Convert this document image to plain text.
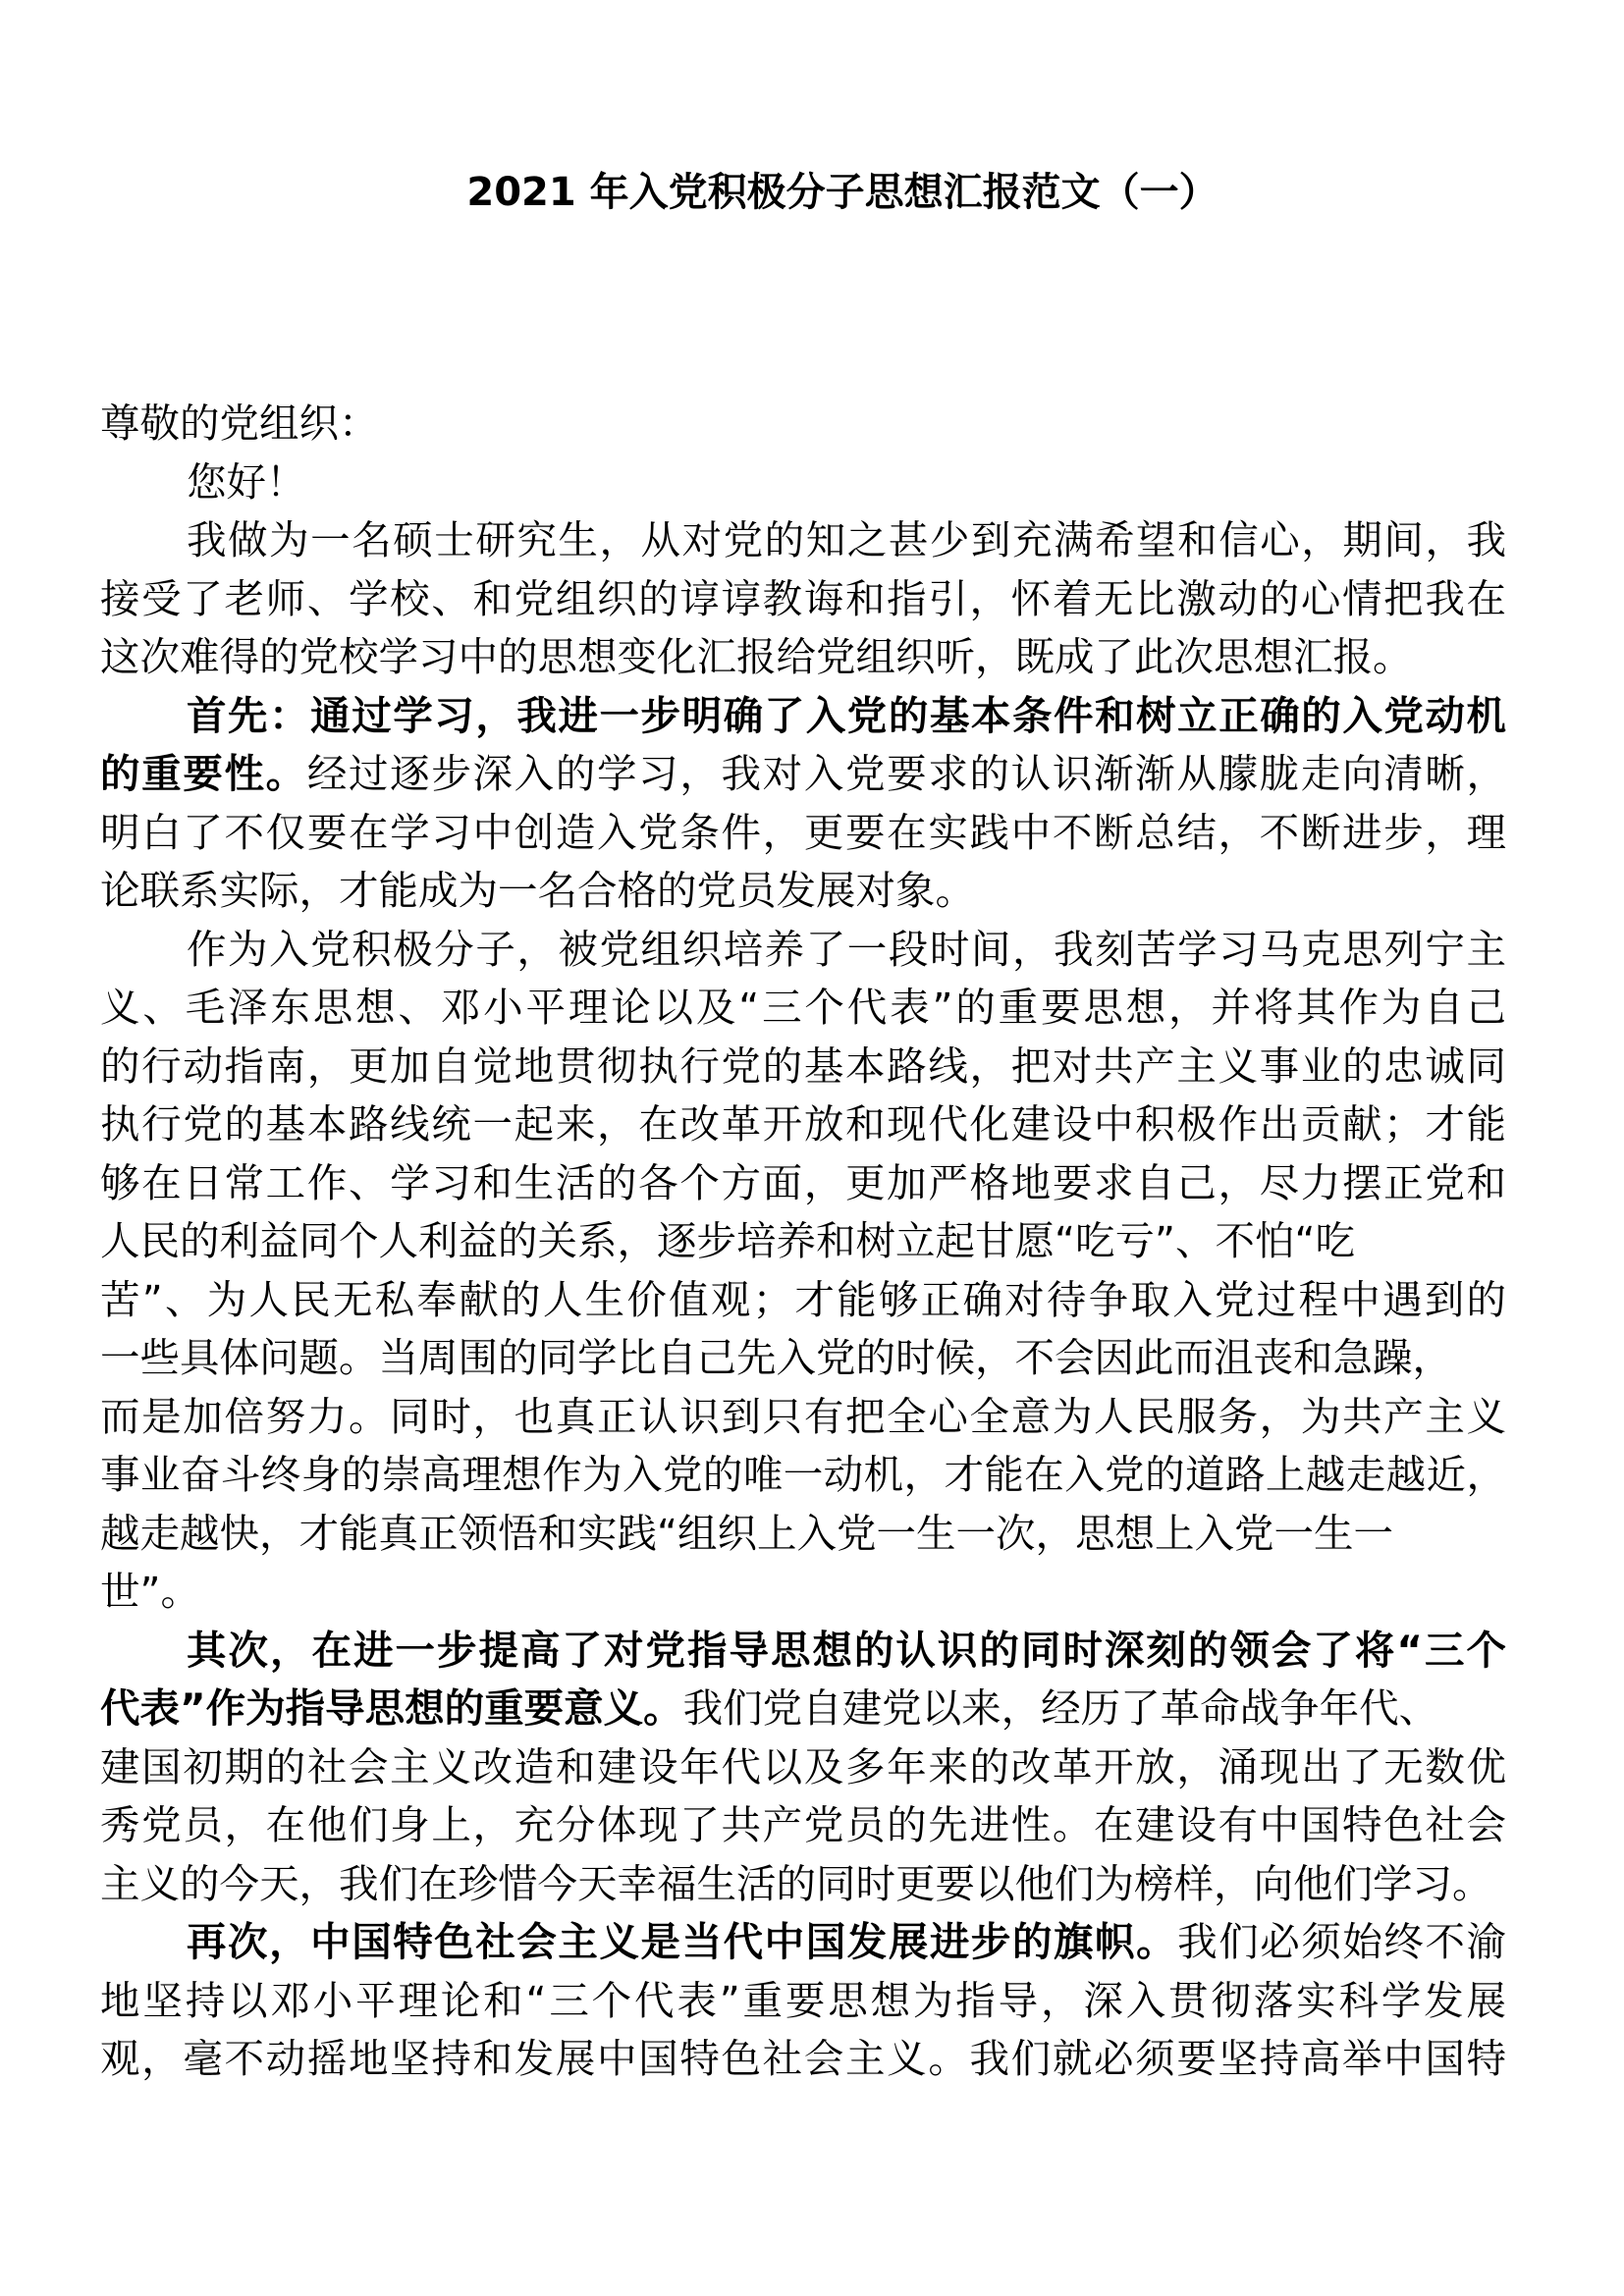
2021 年入党积极分子思想汇报范文（一）
尊敬的党组织：
您好！
我做为一名硕士研究生，从对党的知之甚少到充满希望和信心，期间，我
接受了老师、学校、和党组织的谆谆教诲和指引，怀着无比激动的心情把我在
这次难得的党校学习中的思想变化汇报给党组织听，既成了此次思想汇报。
首先：通过学习，我进一步明确了入党的基本条件和树立正确的入党动机
的重要性。经过逐步深入的学习，我对入党要求的认识渐渐从朦胧走向清晰，
明白了不仅要在学习中创造入党条件，更要在实践中不断总结，不断进步，理
论联系实际，才能成为一名合格的党员发展对象。
作为入党积极分子，被党组织培养了一段时间，我刻苦学习马克思列宁主
义、毛泽东思想、邓小平理论以及“三个代表”的重要思想，并将其作为自己
的行动指南，更加自觉地贯彻执行党的基本路线，把对共产主义事业的忠诚同
执行党的基本路线统一起来，在改革开放和现代化建设中积极作出贡献；才能
够在日常工作、学习和生活的各个方面，更加严格地要求自己，尽力摆正党和
人民的利益同个人利益的关系，逐步培养和树立起甘愿“吃亏”、不怕“吃
苦”、为人民无私奉献的人生价值观；才能够正确对待争取入党过程中遇到的
一些具体问题。当周围的同学比自己先入党的时候，不会因此而沮丧和急躁，
而是加倍努力。同时，也真正认识到只有把全心全意为人民服务，为共产主义
事业奋斗终身的崇高理想作为入党的唯一动机，才能在入党的道路上越走越近，
越走越快，才能真正领悟和实践“组织上入党一生一次，思想上入党一生一
世”。
其次，在进一步提高了对党指导思想的认识的同时深刻的领会了将“三个
代表”作为指导思想的重要意义。我们党自建党以来，经历了革命战争年代、
建国初期的社会主义改造和建设年代以及多年来的改革开放，涌现出了无数优
秀党员，在他们身上，充分体现了共产党员的先进性。在建设有中国特色社会
主义的今天，我们在珍惜今天幸福生活的同时更要以他们为榜样，向他们学习。
再次，中国特色社会主义是当代中国发展进步的旗帜。我们必须始终不渝
地坚持以邓小平理论和“三个代表”重要思想为指导，深入贯彻落实科学发展
观，毫不动摇地坚持和发展中国特色社会主义。我们就必须要坚持高举中国特
